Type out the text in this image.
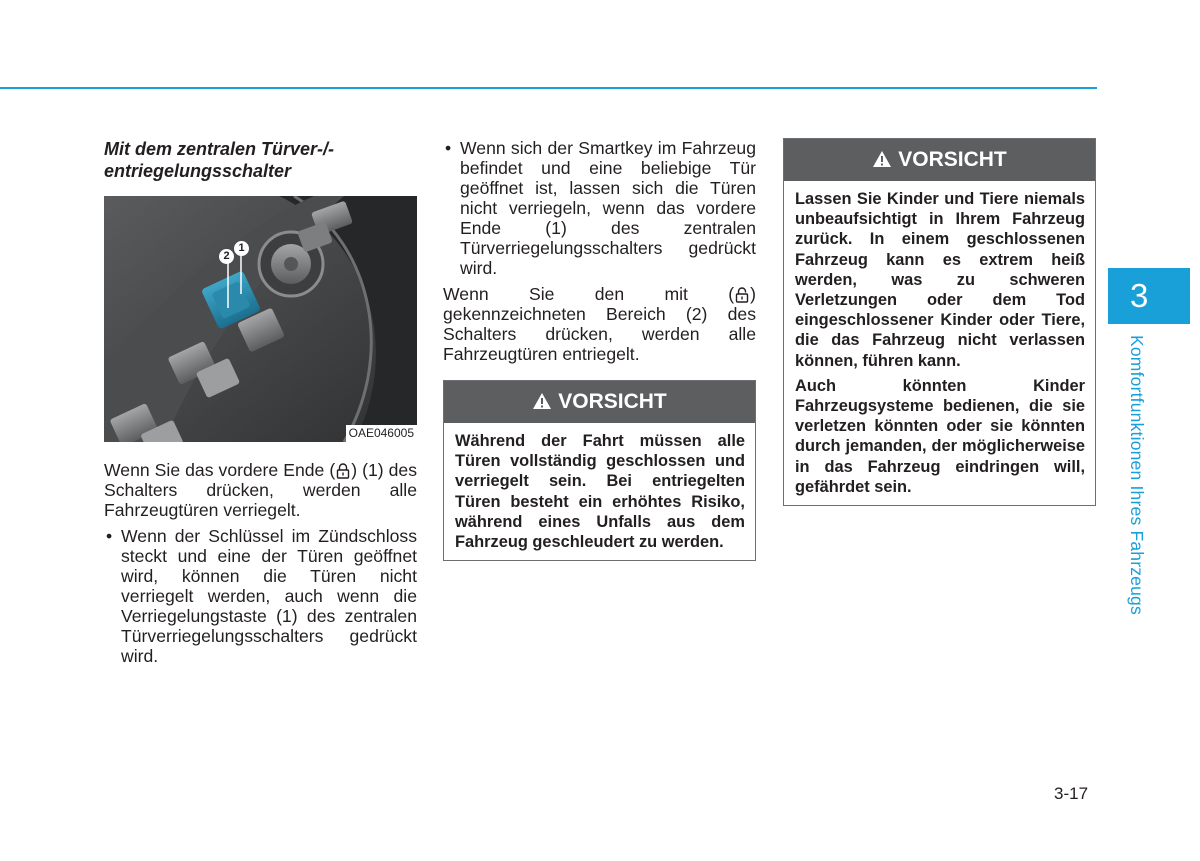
Mit dem zentralen Türver-/-entriegelungsschalter
2
1
OAE046005

Wenn Sie das vordere Ende ( ) (1) des Schalters drücken, werden alle Fahrzeugtüren verriegelt.

• Wenn der Schlüssel im Zündschloss steckt und eine der Türen geöffnet wird, können die Türen nicht verriegelt werden, auch wenn die Verriegelungstaste (1) des zentralen Türverriegelungsschalters gedrückt wird.
• Wenn sich der Smartkey im Fahrzeug befindet und eine beliebige Tür geöffnet ist, lassen sich die Türen nicht verriegeln, wenn das vordere Ende (1) des zentralen Türverriegelungsschalters gedrückt wird.

Wenn Sie den mit ( ) gekennzeichneten Bereich (2) des Schalters drücken, werden alle Fahrzeugtüren entriegelt.

VORSICHT

Während der Fahrt müssen alle Türen vollständig geschlossen und verriegelt sein. Bei entriegelten Türen besteht ein erhöhtes Risiko, während eines Unfalls aus dem Fahrzeug geschleudert zu werden.

VORSICHT

Lassen Sie Kinder und Tiere niemals unbeaufsichtigt in Ihrem Fahrzeug zurück. In einem geschlossenen Fahrzeug kann es extrem heiß werden, was zu schweren Verletzungen oder dem Tod eingeschlossener Kinder oder Tiere, die das Fahrzeug nicht verlassen können, führen kann.

Auch könnten Kinder Fahrzeugsysteme bedienen, die sie verletzen könnten oder sie könnten durch jemanden, der möglicherweise in das Fahrzeug eindringen will, gefährdet sein.

3
Komfortfunktionen Ihres Fahrzeugs
3-17
